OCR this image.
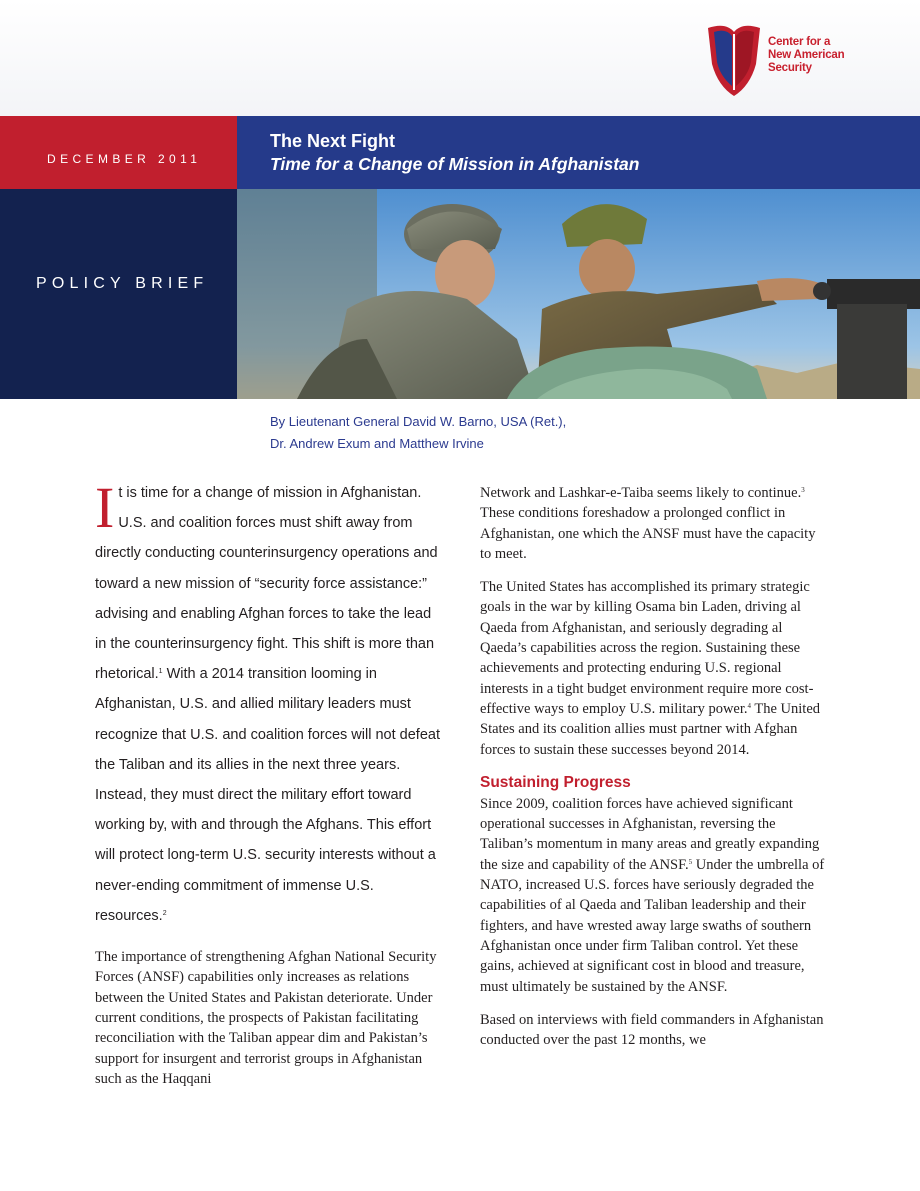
Center for a
New American
Security
DECEMBER 2011
The Next Fight
Time for a Change of Mission in Afghanistan
POLICY BRIEF
By Lieutenant General David W. Barno, USA (Ret.),
Dr. Andrew Exum and Matthew Irvine

It is time for a change of mission in Afghanistan. U.S. and coalition forces must shift away from directly conducting counterinsurgency operations and toward a new mission of “security force assistance:” advising and enabling Afghan forces to take the lead in the counterinsurgency fight. This shift is more than rhetorical.$^1$ With a 2014 transition looming in Afghanistan, U.S. and allied military leaders must recognize that U.S. and coalition forces will not defeat the Taliban and its allies in the next three years. Instead, they must direct the military effort toward working by, with and through the Afghans. This effort will protect long-term U.S. security interests without a never-ending commitment of immense U.S. resources.$^2$

The importance of strengthening Afghan National Security Forces (ANSF) capabilities only increases as relations between the United States and Pakistan deteriorate. Under current conditions, the prospects of Pakistan facilitating reconciliation with the Taliban appear dim and Pakistan’s support for insurgent and terrorist groups in Afghanistan such as the Haqqani

Network and Lashkar-e-Taiba seems likely to continue.$^3$ These conditions foreshadow a prolonged conflict in Afghanistan, one which the ANSF must have the capacity to meet.

The United States has accomplished its primary strategic goals in the war by killing Osama bin Laden, driving al Qaeda from Afghanistan, and seriously degrading al Qaeda’s capabilities across the region. Sustaining these achievements and protecting enduring U.S. regional interests in a tight budget environment require more cost-effective ways to employ U.S. military power.$^4$ The United States and its coalition allies must partner with Afghan forces to sustain these successes beyond 2014.

Sustaining Progress

Since 2009, coalition forces have achieved significant operational successes in Afghanistan, reversing the Taliban’s momentum in many areas and greatly expanding the size and capability of the ANSF.$^5$ Under the umbrella of NATO, increased U.S. forces have seriously degraded the capabilities of al Qaeda and Taliban leadership and their fighters, and have wrested away large swaths of southern Afghanistan once under firm Taliban control. Yet these gains, achieved at significant cost in blood and treasure, must ultimately be sustained by the ANSF.

Based on interviews with field commanders in Afghanistan conducted over the past 12 months, we
